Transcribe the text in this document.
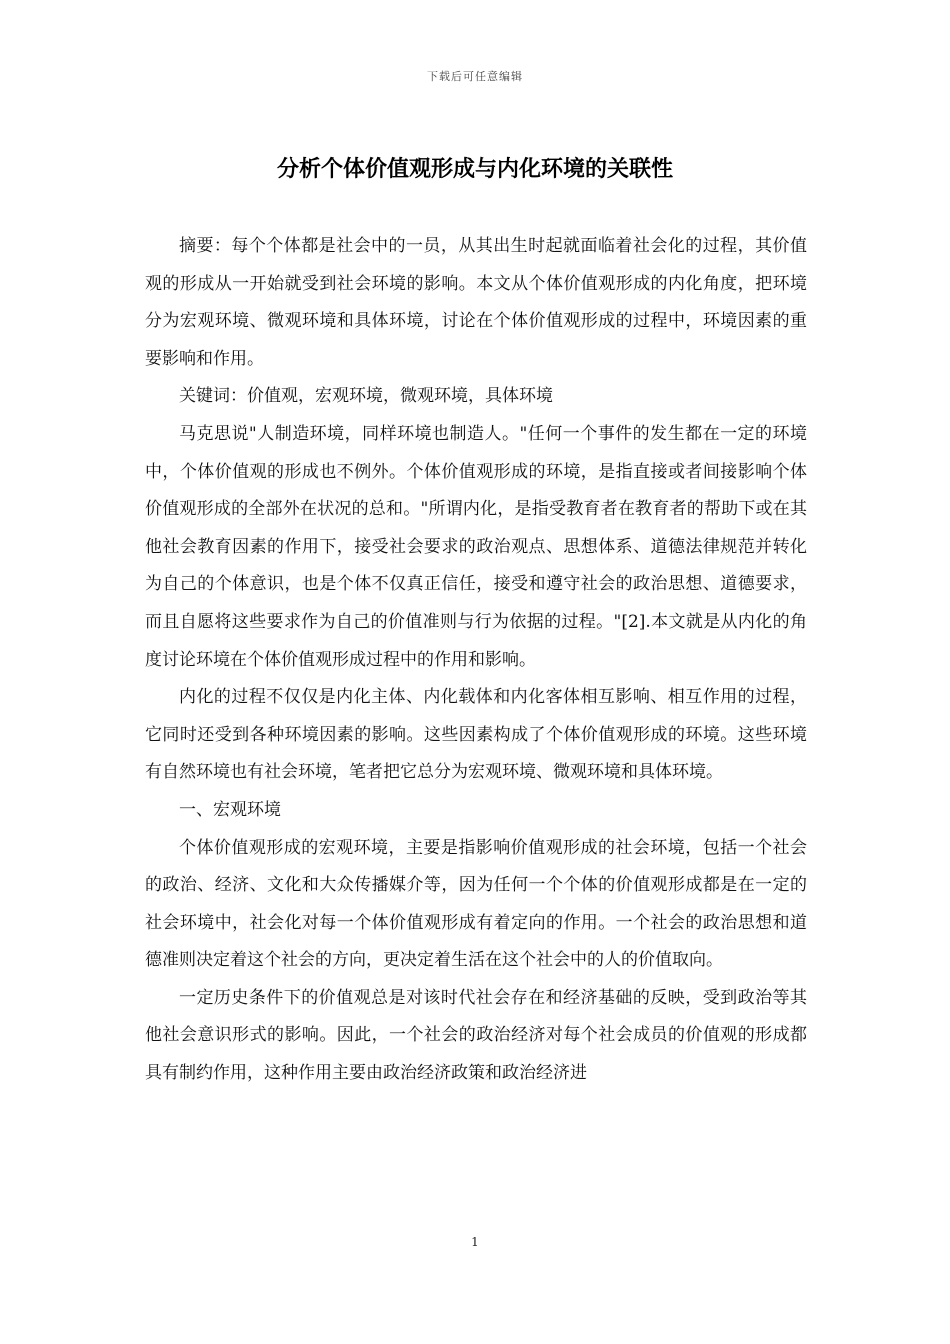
下载后可任意编辑
分析个体价值观形成与内化环境的关联性

摘要：每个个体都是社会中的一员，从其出生时起就面临着社会化的过程，其价值观的形成从一开始就受到社会环境的影响。本文从个体价值观形成的内化角度，把环境分为宏观环境、微观环境和具体环境，讨论在个体价值观形成的过程中，环境因素的重要影响和作用。

关键词：价值观，宏观环境，微观环境，具体环境

马克思说"人制造环境，同样环境也制造人。"任何一个事件的发生都在一定的环境中，个体价值观的形成也不例外。个体价值观形成的环境，是指直接或者间接影响个体价值观形成的全部外在状况的总和。"所谓内化，是指受教育者在教育者的帮助下或在其他社会教育因素的作用下，接受社会要求的政治观点、思想体系、道德法律规范并转化为自己的个体意识，也是个体不仅真正信任，接受和遵守社会的政治思想、道德要求，而且自愿将这些要求作为自己的价值准则与行为依据的过程。"[2].本文就是从内化的角度讨论环境在个体价值观形成过程中的作用和影响。

内化的过程不仅仅是内化主体、内化载体和内化客体相互影响、相互作用的过程，它同时还受到各种环境因素的影响。这些因素构成了个体价值观形成的环境。这些环境有自然环境也有社会环境，笔者把它总分为宏观环境、微观环境和具体环境。

一、宏观环境

个体价值观形成的宏观环境，主要是指影响价值观形成的社会环境，包括一个社会的政治、经济、文化和大众传播媒介等，因为任何一个个体的价值观形成都是在一定的社会环境中，社会化对每一个体价值观形成有着定向的作用。一个社会的政治思想和道德准则决定着这个社会的方向，更决定着生活在这个社会中的人的价值取向。

一定历史条件下的价值观总是对该时代社会存在和经济基础的反映，受到政治等其他社会意识形式的影响。因此，一个社会的政治经济对每个社会成员的价值观的形成都具有制约作用，这种作用主要由政治经济政策和政治经济进

1
